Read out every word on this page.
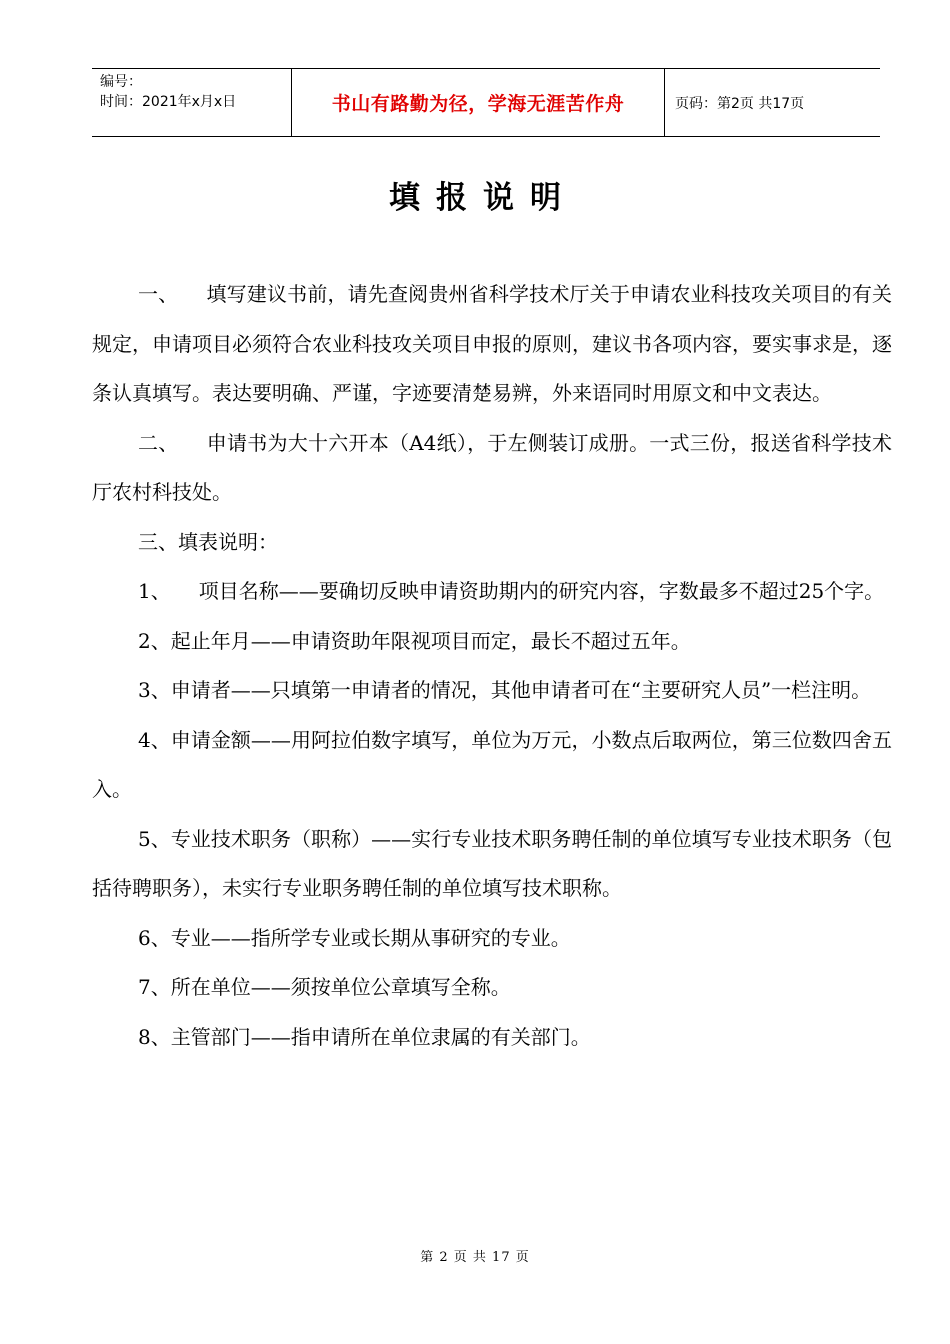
编号：
时间：2021年x月x日	书山有路勤为径，学海无涯苦作舟	页码：第2页 共17页
填报说明

一、 填写建议书前，请先查阅贵州省科学技术厅关于申请农业科技攻关项目的有关规定，申请项目必须符合农业科技攻关项目申报的原则，建议书各项内容，要实事求是，逐条认真填写。表达要明确、严谨，字迹要清楚易辨，外来语同时用原文和中文表达。

二、 申请书为大十六开本（A4纸），于左侧装订成册。一式三份，报送省科学技术厅农村科技处。

三、填表说明：

1、 项目名称——要确切反映申请资助期内的研究内容，字数最多不超过25个字。

2、起止年月——申请资助年限视项目而定，最长不超过五年。

3、申请者——只填第一申请者的情况，其他申请者可在“主要研究人员”一栏注明。

4、申请金额——用阿拉伯数字填写，单位为万元，小数点后取两位，第三位数四舍五入。

5、专业技术职务（职称）——实行专业技术职务聘任制的单位填写专业技术职务（包括待聘职务），未实行专业职务聘任制的单位填写技术职称。

6、专业——指所学专业或长期从事研究的专业。

7、所在单位——须按单位公章填写全称。

8、主管部门——指申请所在单位隶属的有关部门。

第 2 页 共 17 页
